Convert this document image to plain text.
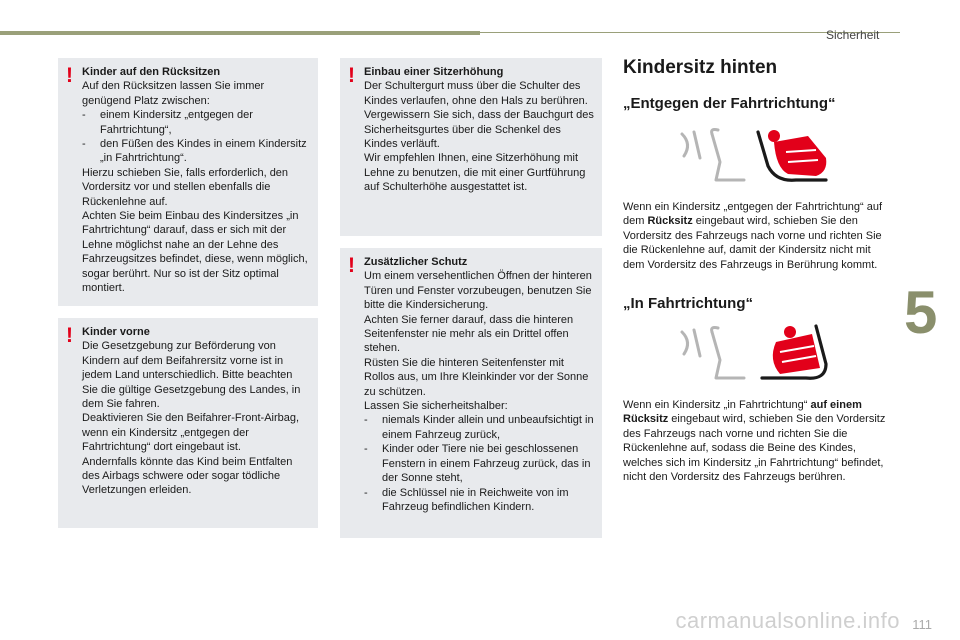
Sicherheit
5
! Kinder auf den Rücksitzen

Auf den Rücksitzen lassen Sie immer genügend Platz zwischen:

-	einem Kindersitz „entgegen der Fahrtrichtung“,
-	den Füßen des Kindes in einem Kindersitz „in Fahrtrichtung“.

Hierzu schieben Sie, falls erforderlich, den Vordersitz vor und stellen ebenfalls die Rückenlehne auf.

Achten Sie beim Einbau des Kindersitzes „in Fahrtrichtung“ darauf, dass er sich mit der Lehne möglichst nahe an der Lehne des Fahrzeugsitzes befindet, diese, wenn möglich, sogar berührt. Nur so ist der Sitz optimal montiert.

! Kinder vorne

Die Gesetzgebung zur Beförderung von Kindern auf dem Beifahrersitz vorne ist in jedem Land unterschiedlich. Bitte beachten Sie die gültige Gesetzgebung des Landes, in dem Sie fahren.

Deaktivieren Sie den Beifahrer-Front-Airbag, wenn ein Kindersitz „entgegen der Fahrtrichtung“ dort eingebaut ist.

Andernfalls könnte das Kind beim Entfalten des Airbags schwere oder sogar tödliche Verletzungen erleiden.

! Einbau einer Sitzerhöhung

Der Schultergurt muss über die Schulter des Kindes verlaufen, ohne den Hals zu berühren.

Vergewissern Sie sich, dass der Bauchgurt des Sicherheitsgurtes über die Schenkel des Kindes verläuft.

Wir empfehlen Ihnen, eine Sitzerhöhung mit Lehne zu benutzen, die mit einer Gurtführung auf Schulterhöhe ausgestattet ist.

! Zusätzlicher Schutz

Um einem versehentlichen Öffnen der hinteren Türen und Fenster vorzubeugen, benutzen Sie bitte die Kindersicherung.

Achten Sie ferner darauf, dass die hinteren Seitenfenster nie mehr als ein Drittel offen stehen.

Rüsten Sie die hinteren Seitenfenster mit Rollos aus, um Ihre Kleinkinder vor der Sonne zu schützen.

Lassen Sie sicherheitshalber:

-	niemals Kinder allein und unbeaufsichtigt in einem Fahrzeug zurück,
-	Kinder oder Tiere nie bei geschlossenen Fenstern in einem Fahrzeug zurück, das in der Sonne steht,
-	die Schlüssel nie in Reichweite von im Fahrzeug befindlichen Kindern.

Kindersitz hinten

„Entgegen der Fahrtrichtung“

Wenn ein Kindersitz „entgegen der Fahrtrichtung“ auf dem Rücksitz eingebaut wird, schieben Sie den Vordersitz des Fahrzeugs nach vorne und richten Sie die Rückenlehne auf, damit der Kindersitz nicht mit dem Vordersitz des Fahrzeugs in Berührung kommt.

„In Fahrtrichtung“

Wenn ein Kindersitz „in Fahrtrichtung“ auf einem Rücksitz eingebaut wird, schieben Sie den Vordersitz des Fahrzeugs nach vorne und richten Sie die Rückenlehne auf, sodass die Beine des Kindes, welches sich im Kindersitz „in Fahrtrichtung“ befindet, nicht den Vordersitz des Fahrzeugs berühren.

carmanualsonline.info 111
